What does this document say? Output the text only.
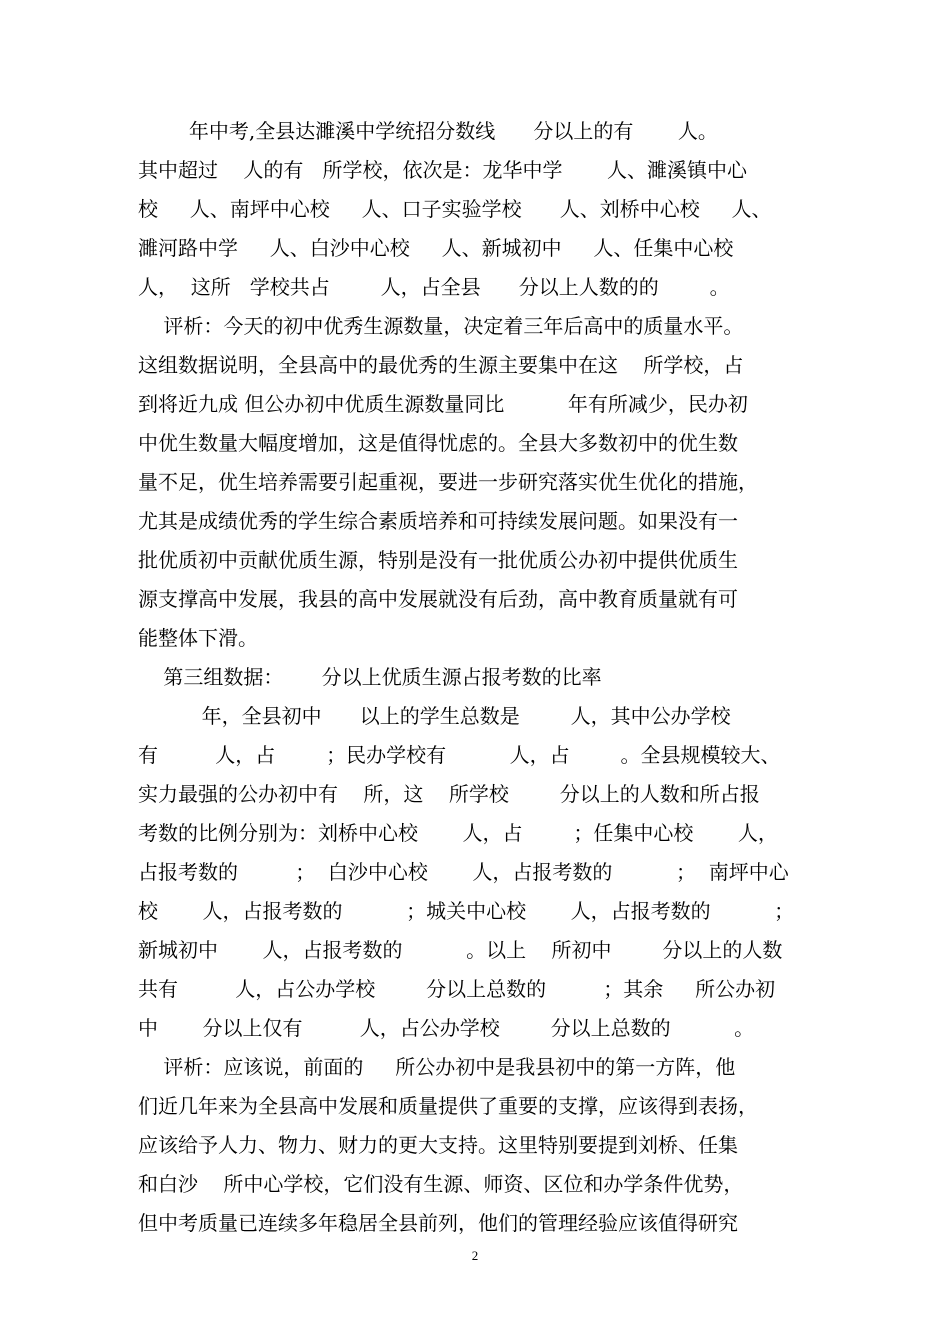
年中考,全县达濉溪中学统招分数线      分以上的有       人。
其中超过    人的有   所学校，依次是：龙华中学       人、濉溪镇中心
校     人、南坪中心校     人、口子实验学校      人、刘桥中心校     人、
濉河路中学     人、白沙中心校     人、新城初中     人、任集中心校
人，  这所   学校共占        人，占全县      分以上人数的的        。
评析：今天的初中优秀生源数量，决定着三年后高中的质量水平。
这组数据说明，全县高中的最优秀的生源主要集中在这    所学校，占
到将近九成 但公办初中优质生源数量同比          年有所减少，民办初
中优生数量大幅度增加，这是值得忧虑的。全县大多数初中的优生数
量不足，优生培养需要引起重视，要进一步研究落实优生优化的措施，
尤其是成绩优秀的学生综合素质培养和可持续发展问题。如果没有一
批优质初中贡献优质生源，特别是没有一批优质公办初中提供优质生
源支撑高中发展，我县的高中发展就没有后劲，高中教育质量就有可
能整体下滑。
第三组数据：      分以上优质生源占报考数的比率
年，全县初中      以上的学生总数是        人，其中公办学校
有         人，占        ；民办学校有          人，占        。全县规模较大、
实力最强的公办初中有    所，这    所学校        分以上的人数和所占报
考数的比例分别为：刘桥中心校       人，占        ；任集中心校       人，
占报考数的         ；  白沙中心校       人，占报考数的          ；  南坪中心
校       人，占报考数的          ；城关中心校       人，占报考数的          ；
新城初中       人，占报考数的          。以上    所初中        分以上的人数
共有         人，占公办学校        分以上总数的         ；其余     所公办初
中       分以上仅有         人，占公办学校        分以上总数的          。
评析：应该说，前面的     所公办初中是我县初中的第一方阵，他
们近几年来为全县高中发展和质量提供了重要的支撑，应该得到表扬，
应该给予人力、物力、财力的更大支持。这里特别要提到刘桥、任集
和白沙    所中心学校，它们没有生源、师资、区位和办学条件优势，
但中考质量已连续多年稳居全县前列，他们的管理经验应该值得研究
2
